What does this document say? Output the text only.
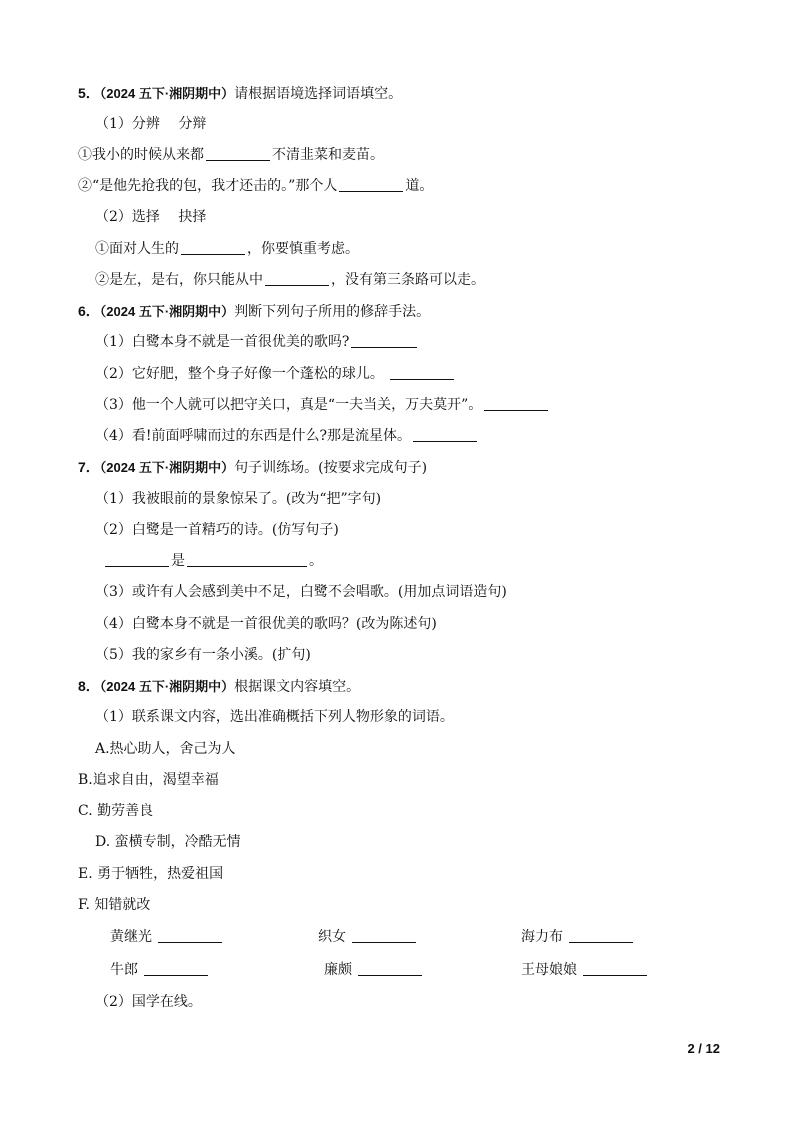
5．（2024 五下·湘阴期中）请根据语境选择词语填空。
（1）分辨　 分辩
①我小的时候从来都	不清韭菜和麦苗。
②“是他先抢我的包，我才还击的。”那个人	道。
（2）选择　 抉择
①面对人生的	，你要慎重考虑。
②是左，是右，你只能从中	，没有第三条路可以走。
6．（2024 五下·湘阴期中）判断下列句子所用的修辞手法。
（1）白鹭本身不就是一首很优美的歌吗?
（2）它好肥，整个身子好像一个蓬松的球儿。
（3）他一个人就可以把守关口，真是“一夫当关，万夫莫开”。
（4）看!前面呼啸而过的东西是什么?那是流星体。
7．（2024 五下·湘阴期中）句子训练场。(按要求完成句子)
（1）我被眼前的景象惊呆了。(改为“把”字句)
（2）白鹭是一首精巧的诗。(仿写句子)
是	。
（3）或许有人会感到美中不足，白鹭不会唱歌。(用加点词语造句)
（4）白鹭本身不就是一首很优美的歌吗？(改为陈述句)
（5）我的家乡有一条小溪。(扩句)
8．（2024 五下·湘阴期中）根据课文内容填空。
（1）联系课文内容，选出准确概括下列人物形象的词语。
A.热心助人，舍己为人
B.追求自由，渴望幸福
C. 勤劳善良
D. 蛮横专制，冷酷无情
E. 勇于牺牲，热爱祖国
F. 知错就改
黄继光	织女	海力布
牛郎	廉颇	王母娘娘
（2）国学在线。
2 / 12
